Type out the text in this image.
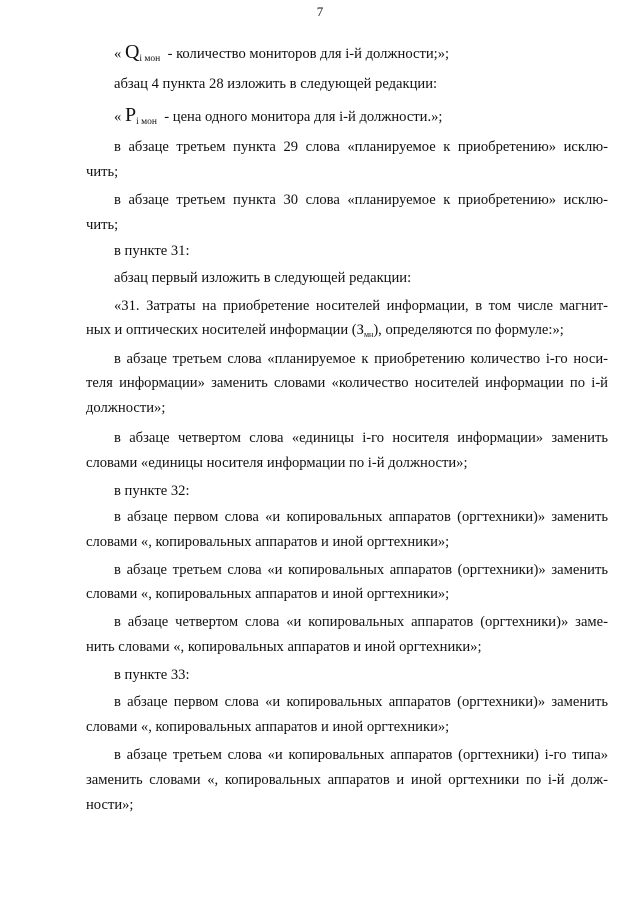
7
« $Q_{i мон}$ - количество мониторов для i-й должности;»;
абзац 4 пункта 28 изложить в следующей редакции:
« $P_{i мон}$ - цена одного монитора для i-й должности.»;
в абзаце третьем пункта 29 слова «планируемое к приобретению» исклю-
чить;
в абзаце третьем пункта 30 слова «планируемое к приобретению» исклю-
чить;
в пункте 31:
абзац первый изложить в следующей редакции:
«31. Затраты на приобретение носителей информации, в том числе магнит-
ных и оптических носителей информации $(З_{мн})$, определяются по формуле:»;
в абзаце третьем слова «планируемое к приобретению количество i-го носи-
теля информации» заменить словами «количество носителей информации по i-й
должности»;
в абзаце четвертом слова «единицы i-го носителя информации» заменить
словами «единицы носителя информации по i-й должности»;
в пункте 32:
в абзаце первом слова «и копировальных аппаратов (оргтехники)» заменить
словами «, копировальных аппаратов и иной оргтехники»;
в абзаце третьем слова «и копировальных аппаратов (оргтехники)» заменить
словами «, копировальных аппаратов и иной оргтехники»;
в абзаце четвертом слова «и копировальных аппаратов (оргтехники)» заме-
нить словами «, копировальных аппаратов и иной оргтехники»;
в пункте 33:
в абзаце первом слова «и копировальных аппаратов (оргтехники)» заменить
словами «, копировальных аппаратов и иной оргтехники»;
в абзаце третьем слова «и копировальных аппаратов (оргтехники) i-го типа»
заменить словами «, копировальных аппаратов и иной оргтехники по i-й долж-
ности»;
